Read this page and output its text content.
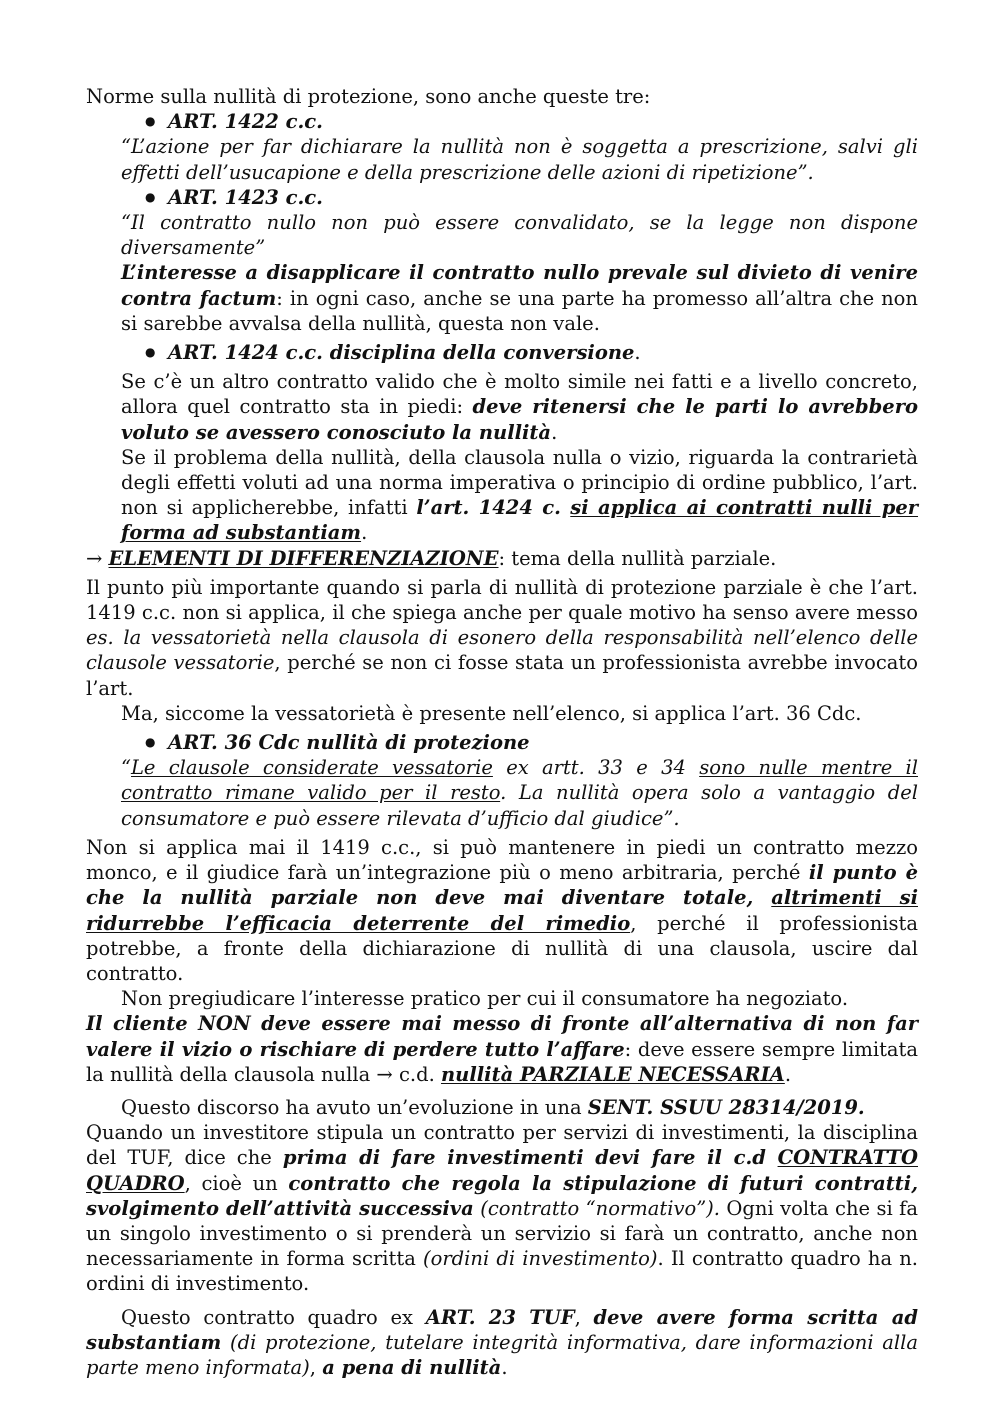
Norme sulla nullità di protezione, sono anche queste tre:

● ART. 1422 c.c.

“L’azione per far dichiarare la nullità non è soggetta a prescrizione, salvi gli effetti dell’usucapione e della prescrizione delle azioni di ripetizione”.

● ART. 1423 c.c.

“Il contratto nullo non può essere convalidato, se la legge non dispone diversamente”

L’interesse a disapplicare il contratto nullo prevale sul divieto di venire contra factum: in ogni caso, anche se una parte ha promesso all’altra che non si sarebbe avvalsa della nullità, questa non vale.

● ART. 1424 c.c. disciplina della conversione.

Se c’è un altro contratto valido che è molto simile nei fatti e a livello concreto, allora quel contratto sta in piedi: deve ritenersi che le parti lo avrebbero voluto se avessero conosciuto la nullità.

Se il problema della nullità, della clausola nulla o vizio, riguarda la contrarietà degli effetti voluti ad una norma imperativa o principio di ordine pubblico, l’art. non si applicherebbe, infatti l’art. 1424 c. si applica ai contratti nulli per forma ad substantiam.

→ ELEMENTI DI DIFFERENZIAZIONE: tema della nullità parziale.

Il punto più importante quando si parla di nullità di protezione parziale è che l’art. 1419 c.c. non si applica, il che spiega anche per quale motivo ha senso avere messo es. la vessatorietà nella clausola di esonero della responsabilità nell’elenco delle clausole vessatorie, perché se non ci fosse stata un professionista avrebbe invocato l’art.

Ma, siccome la vessatorietà è presente nell’elenco, si applica l’art. 36 Cdc.

● ART. 36 Cdc nullità di protezione

“Le clausole considerate vessatorie ex artt. 33 e 34 sono nulle mentre il contratto rimane valido per il resto. La nullità opera solo a vantaggio del consumatore e può essere rilevata d’ufficio dal giudice”.

Non si applica mai il 1419 c.c., si può mantenere in piedi un contratto mezzo monco, e il giudice farà un’integrazione più o meno arbitraria, perché il punto è che la nullità parziale non deve mai diventare totale, altrimenti si ridurrebbe l’efficacia deterrente del rimedio, perché il professionista potrebbe, a fronte della dichiarazione di nullità di una clausola, uscire dal contratto.

Non pregiudicare l’interesse pratico per cui il consumatore ha negoziato.

Il cliente NON deve essere mai messo di fronte all’alternativa di non far valere il vizio o rischiare di perdere tutto l’affare: deve essere sempre limitata la nullità della clausola nulla → c.d. nullità PARZIALE NECESSARIA.

Questo discorso ha avuto un’evoluzione in una SENT. SSUU 28314/2019.

Quando un investitore stipula un contratto per servizi di investimenti, la disciplina del TUF, dice che prima di fare investimenti devi fare il c.d CONTRATTO QUADRO, cioè un contratto che regola la stipulazione di futuri contratti, svolgimento dell’attività successiva (contratto “normativo”). Ogni volta che si fa un singolo investimento o si prenderà un servizio si farà un contratto, anche non necessariamente in forma scritta (ordini di investimento). Il contratto quadro ha n. ordini di investimento.

Questo contratto quadro ex ART. 23 TUF, deve avere forma scritta ad substantiam (di protezione, tutelare integrità informativa, dare informazioni alla parte meno informata), a pena di nullità.
